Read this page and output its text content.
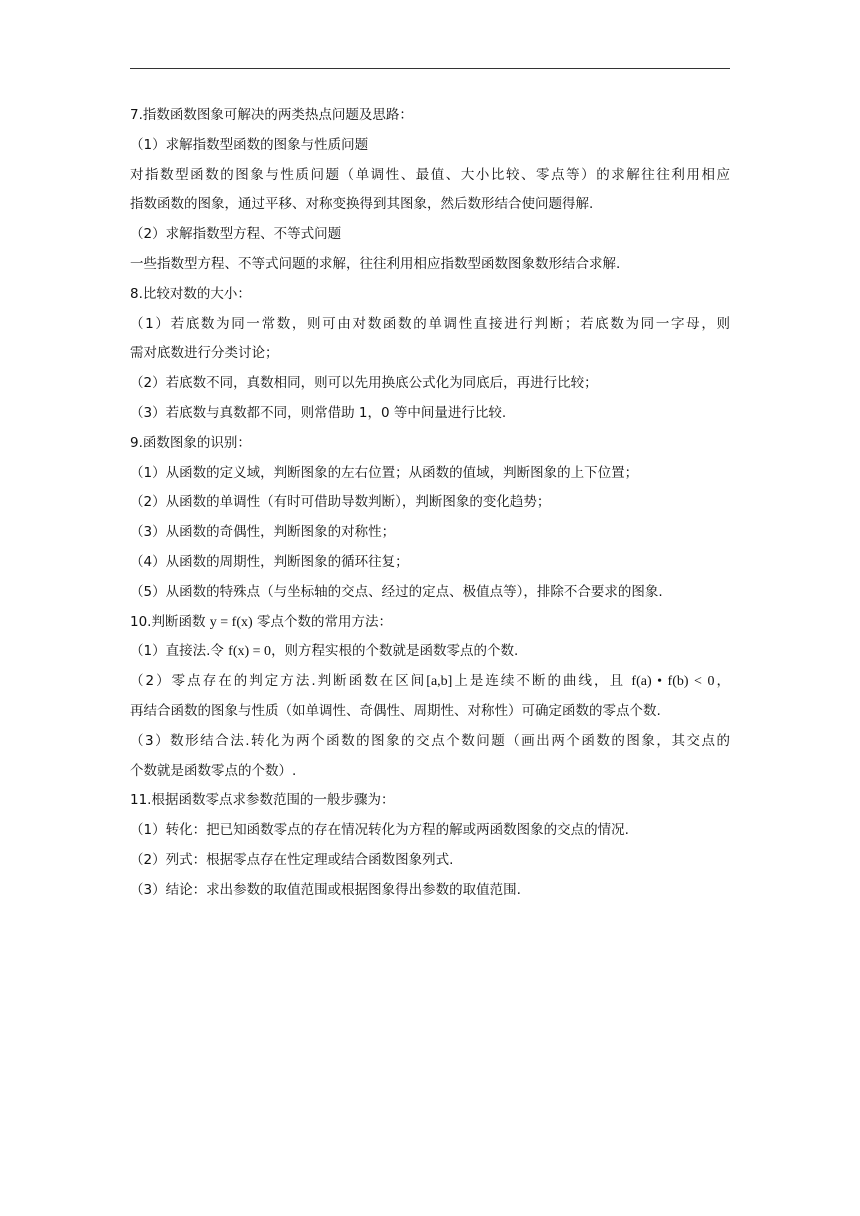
7.指数函数图象可解决的两类热点问题及思路：
（1）求解指数型函数的图象与性质问题
对指数型函数的图象与性质问题（单调性、最值、大小比较、零点等）的求解往往利用相应
指数函数的图象，通过平移、对称变换得到其图象，然后数形结合使问题得解.
（2）求解指数型方程、不等式问题
一些指数型方程、不等式问题的求解，往往利用相应指数型函数图象数形结合求解.
8.比较对数的大小：
（1）若底数为同一常数，则可由对数函数的单调性直接进行判断；若底数为同一字母，则
需对底数进行分类讨论；
（2）若底数不同，真数相同，则可以先用换底公式化为同底后，再进行比较；
（3）若底数与真数都不同，则常借助 1，0 等中间量进行比较.
9.函数图象的识别：
（1）从函数的定义域，判断图象的左右位置；从函数的值域，判断图象的上下位置；
（2）从函数的单调性（有时可借助导数判断），判断图象的变化趋势；
（3）从函数的奇偶性，判断图象的对称性；
（4）从函数的周期性，判断图象的循环往复；
（5）从函数的特殊点（与坐标轴的交点、经过的定点、极值点等），排除不合要求的图象.
10.判断函数 y = f(x) 零点个数的常用方法：
（1）直接法.令 f(x) = 0，则方程实根的个数就是函数零点的个数.
（2）零点存在的判定方法.判断函数在区间[a,b]上是连续不断的曲线，且 f(a) • f(b) < 0，
再结合函数的图象与性质（如单调性、奇偶性、周期性、对称性）可确定函数的零点个数.
（3）数形结合法.转化为两个函数的图象的交点个数问题（画出两个函数的图象，其交点的
个数就是函数零点的个数）.
11.根据函数零点求参数范围的一般步骤为：
（1）转化：把已知函数零点的存在情况转化为方程的解或两函数图象的交点的情况.
（2）列式：根据零点存在性定理或结合函数图象列式.
（3）结论：求出参数的取值范围或根据图象得出参数的取值范围.
